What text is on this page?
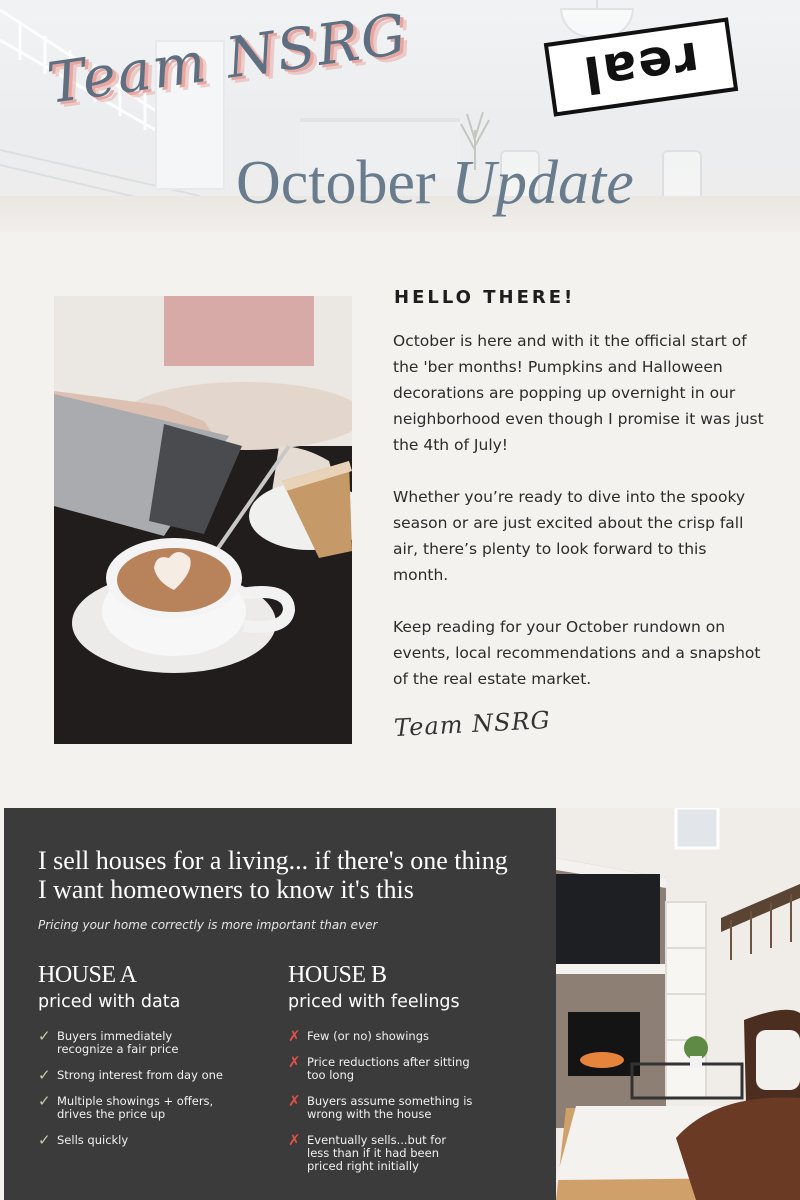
Team NSRG	real
October Update
HELLO THERE!

October is here and with it the official start of the 'ber months! Pumpkins and Halloween decorations are popping up overnight in our neighborhood even though I promise it was just the 4th of July!

Whether you’re ready to dive into the spooky season or are just excited about the crisp fall air, there’s plenty to look forward to this month.

Keep reading for your October rundown on events, local recommendations and a snapshot of the real estate market.

Team NSRG
I sell houses for a living... if there's one thing
I want homeowners to know it's this
Pricing your home correctly is more important than ever
HOUSE A
priced with data
✓ Buyers immediately recognize a fair price
✓ Strong interest from day one
✓ Multiple showings + offers, drives the price up
✓ Sells quickly
HOUSE B
priced with feelings
✗ Few (or no) showings
✗ Price reductions after sitting too long
✗ Buyers assume something is wrong with the house
✗ Eventually sells...but for less than if it had been priced right initially
